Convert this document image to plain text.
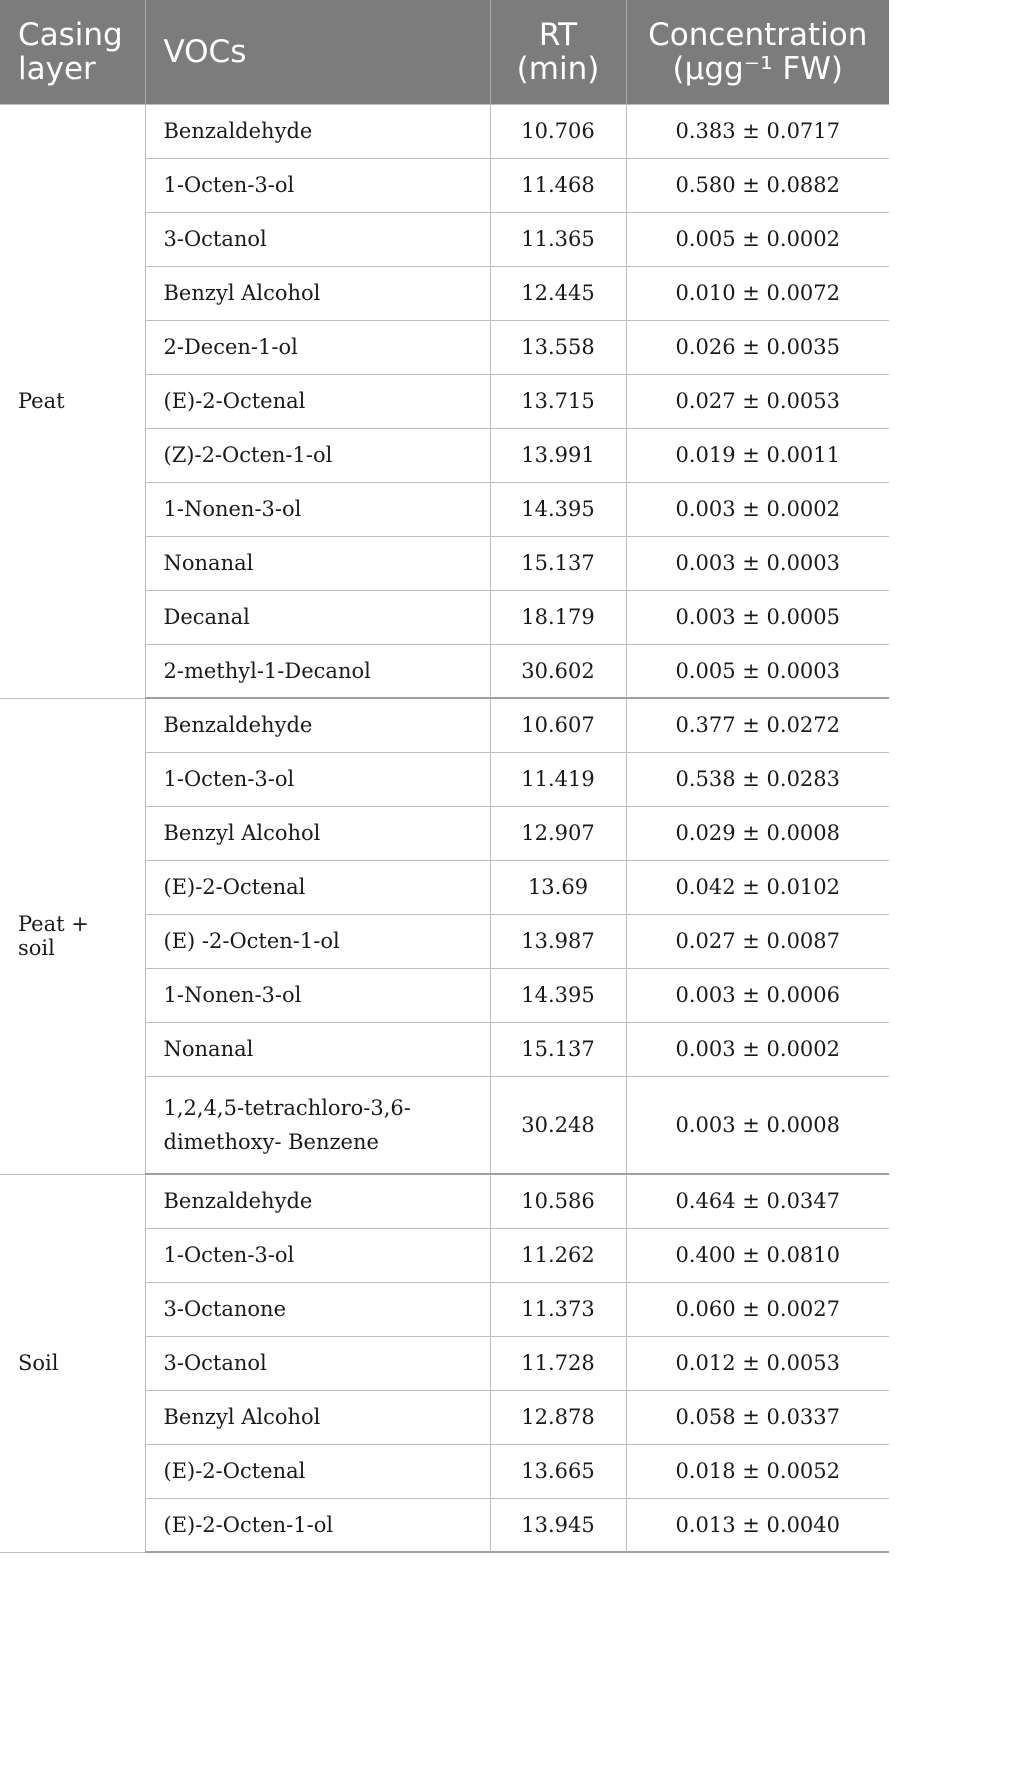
Casing layer	VOCs	RT (min)	Concentration (µgg⁻¹ FW)
Peat	Benzaldehyde	10.706	0.383 ± 0.0717
	1-Octen-3-ol	11.468	0.580 ± 0.0882
	3-Octanol	11.365	0.005 ± 0.0002
	Benzyl Alcohol	12.445	0.010 ± 0.0072
	2-Decen-1-ol	13.558	0.026 ± 0.0035
	(E)-2-Octenal	13.715	0.027 ± 0.0053
	(Z)-2-Octen-1-ol	13.991	0.019 ± 0.0011
	1-Nonen-3-ol	14.395	0.003 ± 0.0002
	Nonanal	15.137	0.003 ± 0.0003
	Decanal	18.179	0.003 ± 0.0005
	2-methyl-1-Decanol	30.602	0.005 ± 0.0003
Peat + soil	Benzaldehyde	10.607	0.377 ± 0.0272
	1-Octen-3-ol	11.419	0.538 ± 0.0283
	Benzyl Alcohol	12.907	0.029 ± 0.0008
	(E)-2-Octenal	13.69	0.042 ± 0.0102
	(E) -2-Octen-1-ol	13.987	0.027 ± 0.0087
	1-Nonen-3-ol	14.395	0.003 ± 0.0006
	Nonanal	15.137	0.003 ± 0.0002
	1,2,4,5-tetrachloro-3,6-dimethoxy- Benzene	30.248	0.003 ± 0.0008
Soil	Benzaldehyde	10.586	0.464 ± 0.0347
	1-Octen-3-ol	11.262	0.400 ± 0.0810
	3-Octanone	11.373	0.060 ± 0.0027
	3-Octanol	11.728	0.012 ± 0.0053
	Benzyl Alcohol	12.878	0.058 ± 0.0337
	(E)-2-Octenal	13.665	0.018 ± 0.0052
	(E)-2-Octen-1-ol	13.945	0.013 ± 0.0040
